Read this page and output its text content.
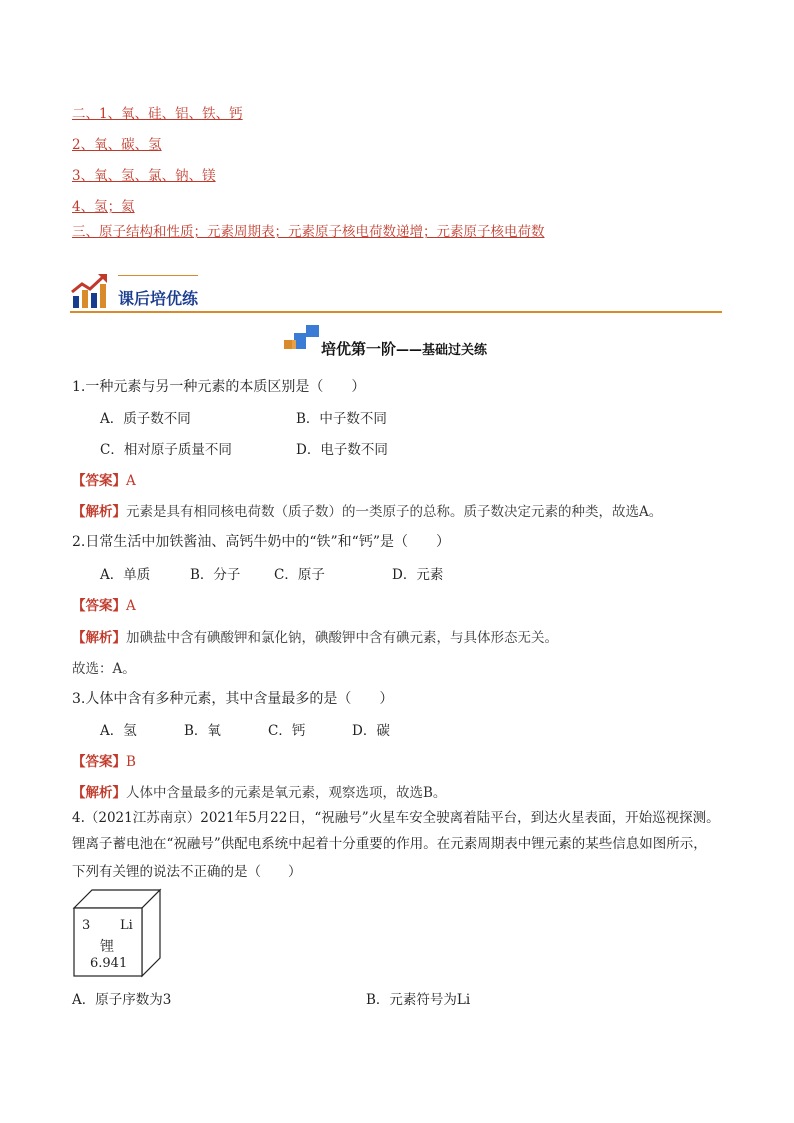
二、1、氧、硅、铝、铁、钙
2、氧、碳、氢
3、氧、氢、氯、钠、镁
4、氢；氦
三、原子结构和性质；元素周期表；元素原子核电荷数递增；元素原子核电荷数
课后培优练
培优第一阶——基础过关练
1.一种元素与另一种元素的本质区别是（　　）
A．质子数不同	B．中子数不同
C．相对原子质量不同	D．电子数不同
【答案】A
【解析】元素是具有相同核电荷数（质子数）的一类原子的总称。质子数决定元素的种类，故选A。
2.日常生活中加铁酱油、高钙牛奶中的“铁”和“钙”是（　　）
A．单质	B．分子 C．原子	D．元素
【答案】A
【解析】加碘盐中含有碘酸钾和氯化钠，碘酸钾中含有碘元素，与具体形态无关。
故选：A。
3.人体中含有多种元素，其中含量最多的是（　　）
A．氢	B．氧	C．钙	D．碳
【答案】B
【解析】人体中含量最多的元素是氧元素，观察选项，故选B。
4.（2021江苏南京）2021年5月22日，“祝融号”火星车安全驶离着陆平台，到达火星表面，开始巡视探测。
锂离子蓄电池在“祝融号”供配电系统中起着十分重要的作用。在元素周期表中锂元素的某些信息如图所示，
下列有关锂的说法不正确的是（　　）
3 Li
锂
6.941
A．原子序数为3	B．元素符号为Li
